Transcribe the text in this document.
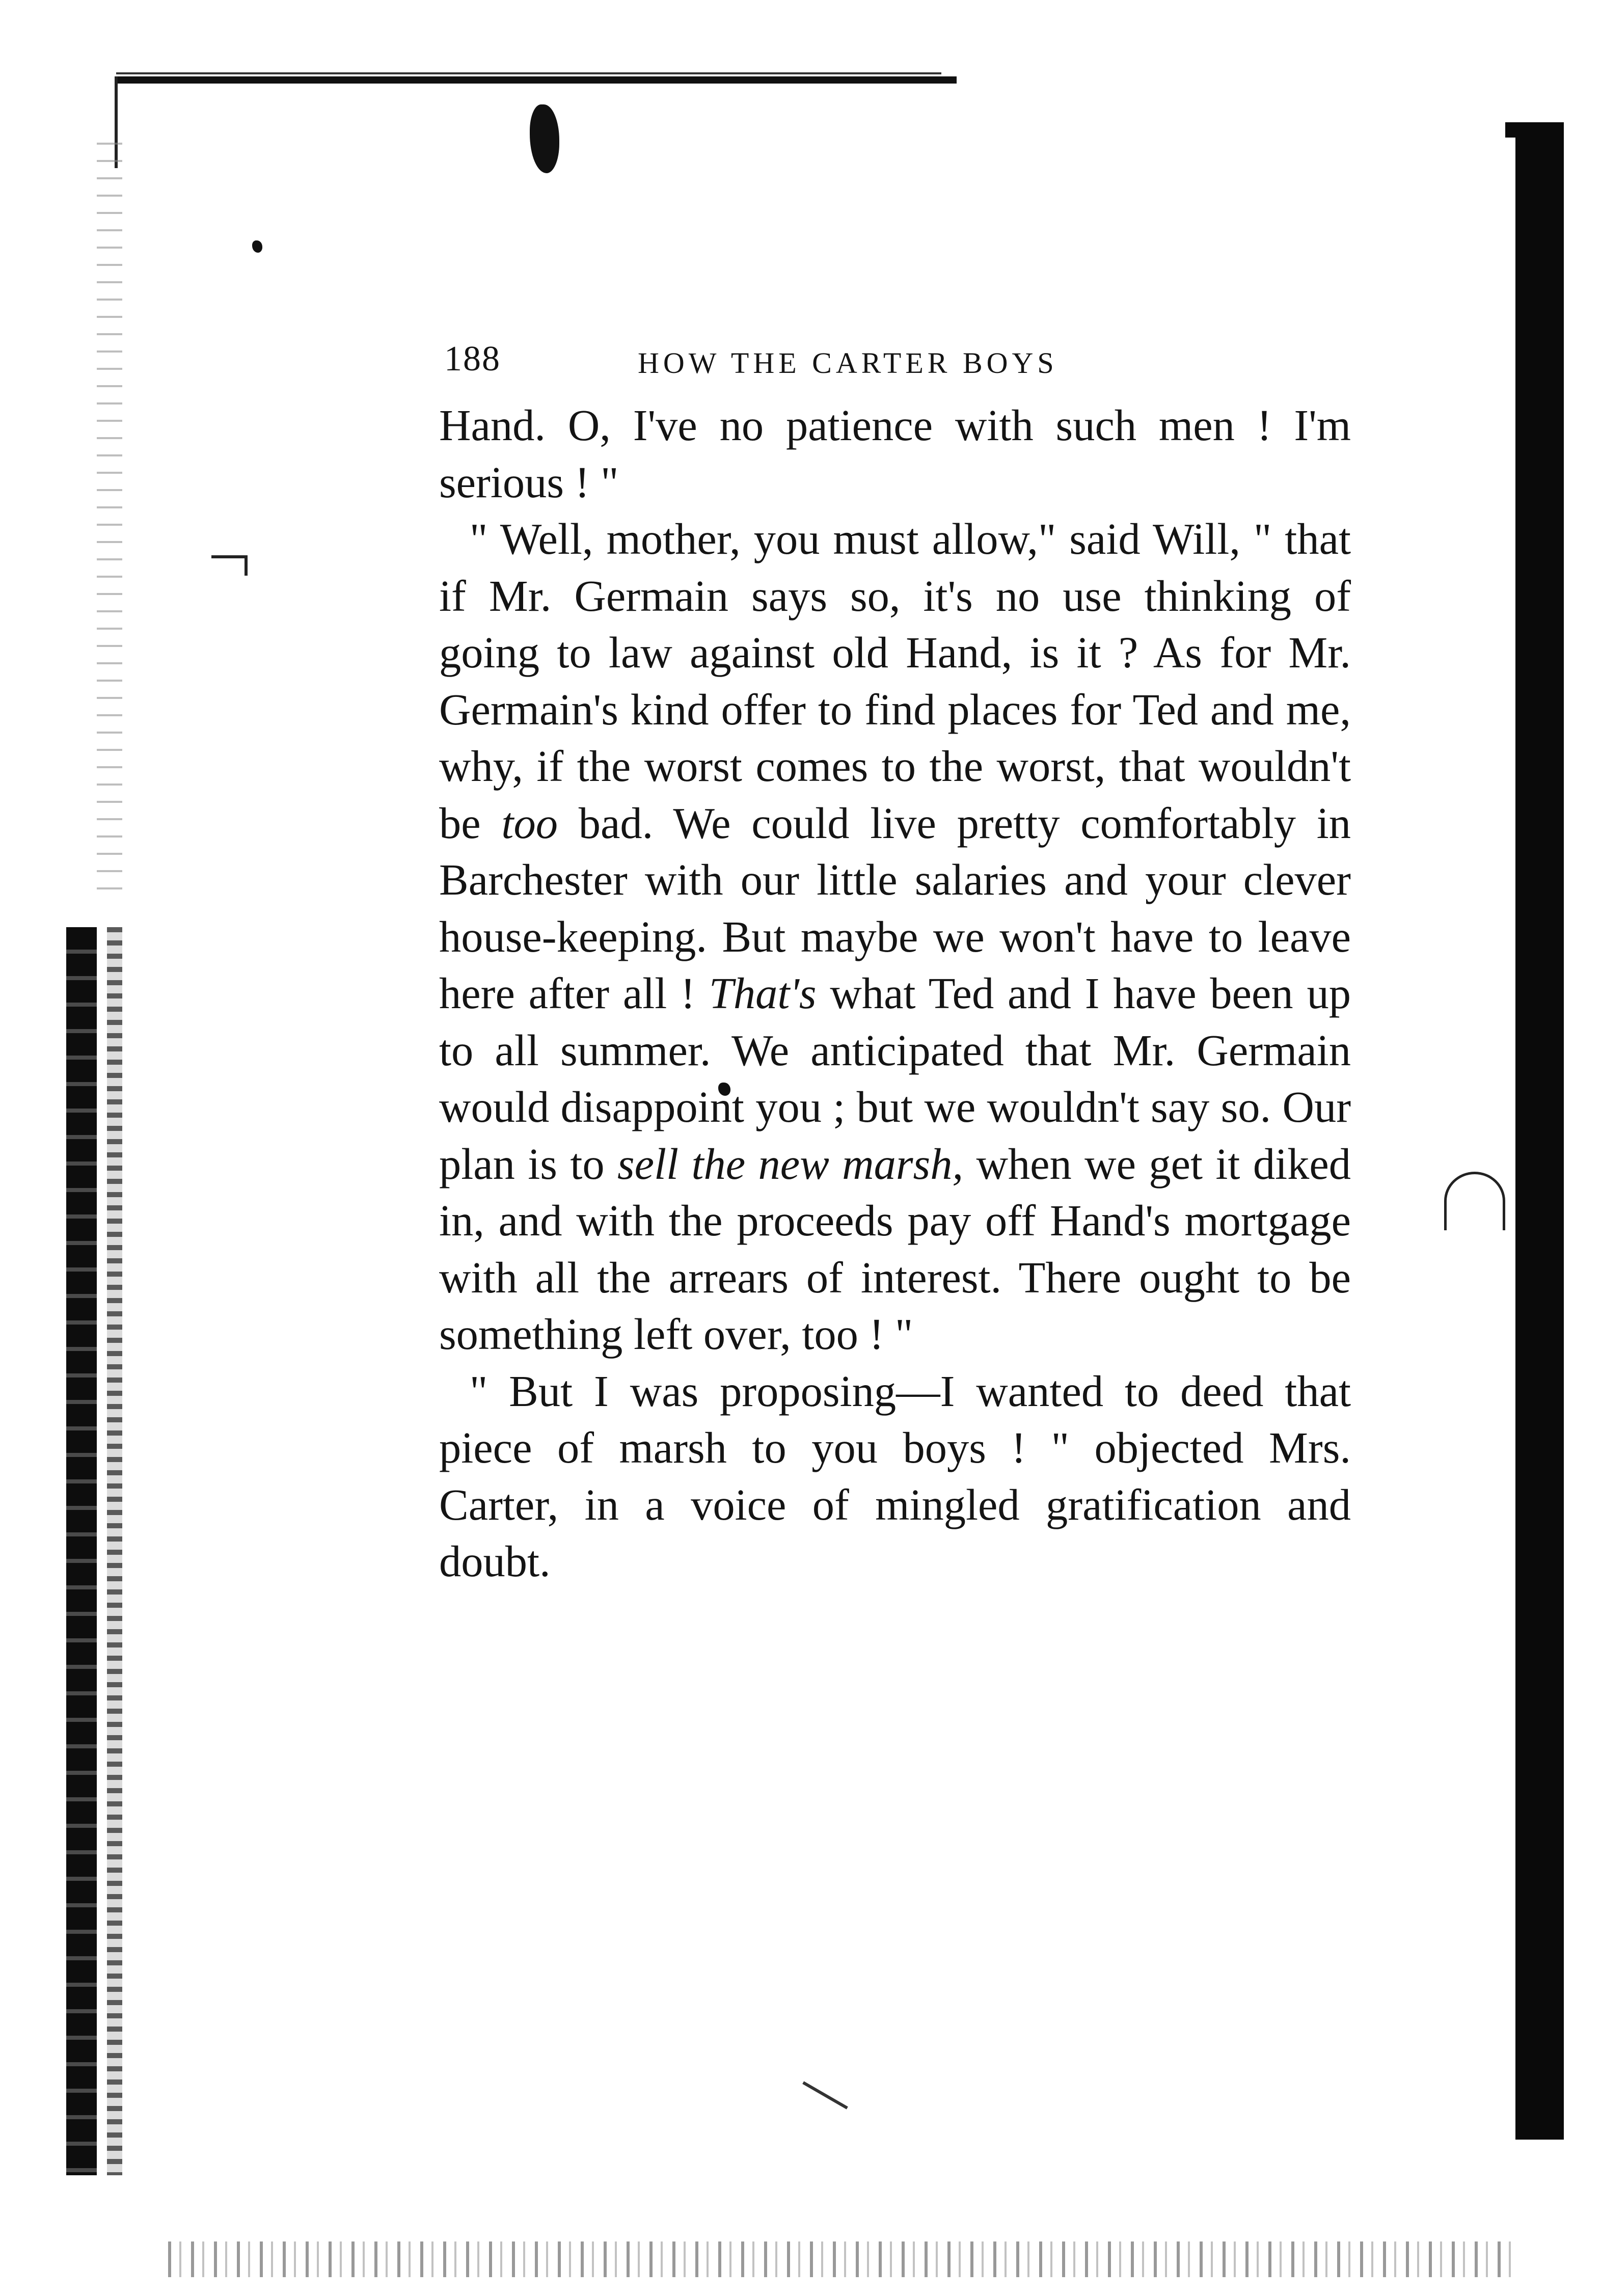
188	HOW THE CARTER BOYS

Hand. O, I've no patience with such men ! I'm serious ! "

" Well, mother, you must allow," said Will, " that if Mr. Germain says so, it's no use thinking of going to law against old Hand, is it ? As for Mr. Germain's kind offer to find places for Ted and me, why, if the worst comes to the worst, that wouldn't be too bad. We could live pretty comfortably in Barchester with our little salaries and your clever house-keeping. But maybe we won't have to leave here after all ! That's what Ted and I have been up to all summer. We anticipated that Mr. Germain would disappoint you ; but we wouldn't say so. Our plan is to sell the new marsh, when we get it diked in, and with the proceeds pay off Hand's mortgage with all the arrears of interest. There ought to be something left over, too ! "

" But I was proposing—I wanted to deed that piece of marsh to you boys ! " objected Mrs. Carter, in a voice of mingled gratification and doubt.
